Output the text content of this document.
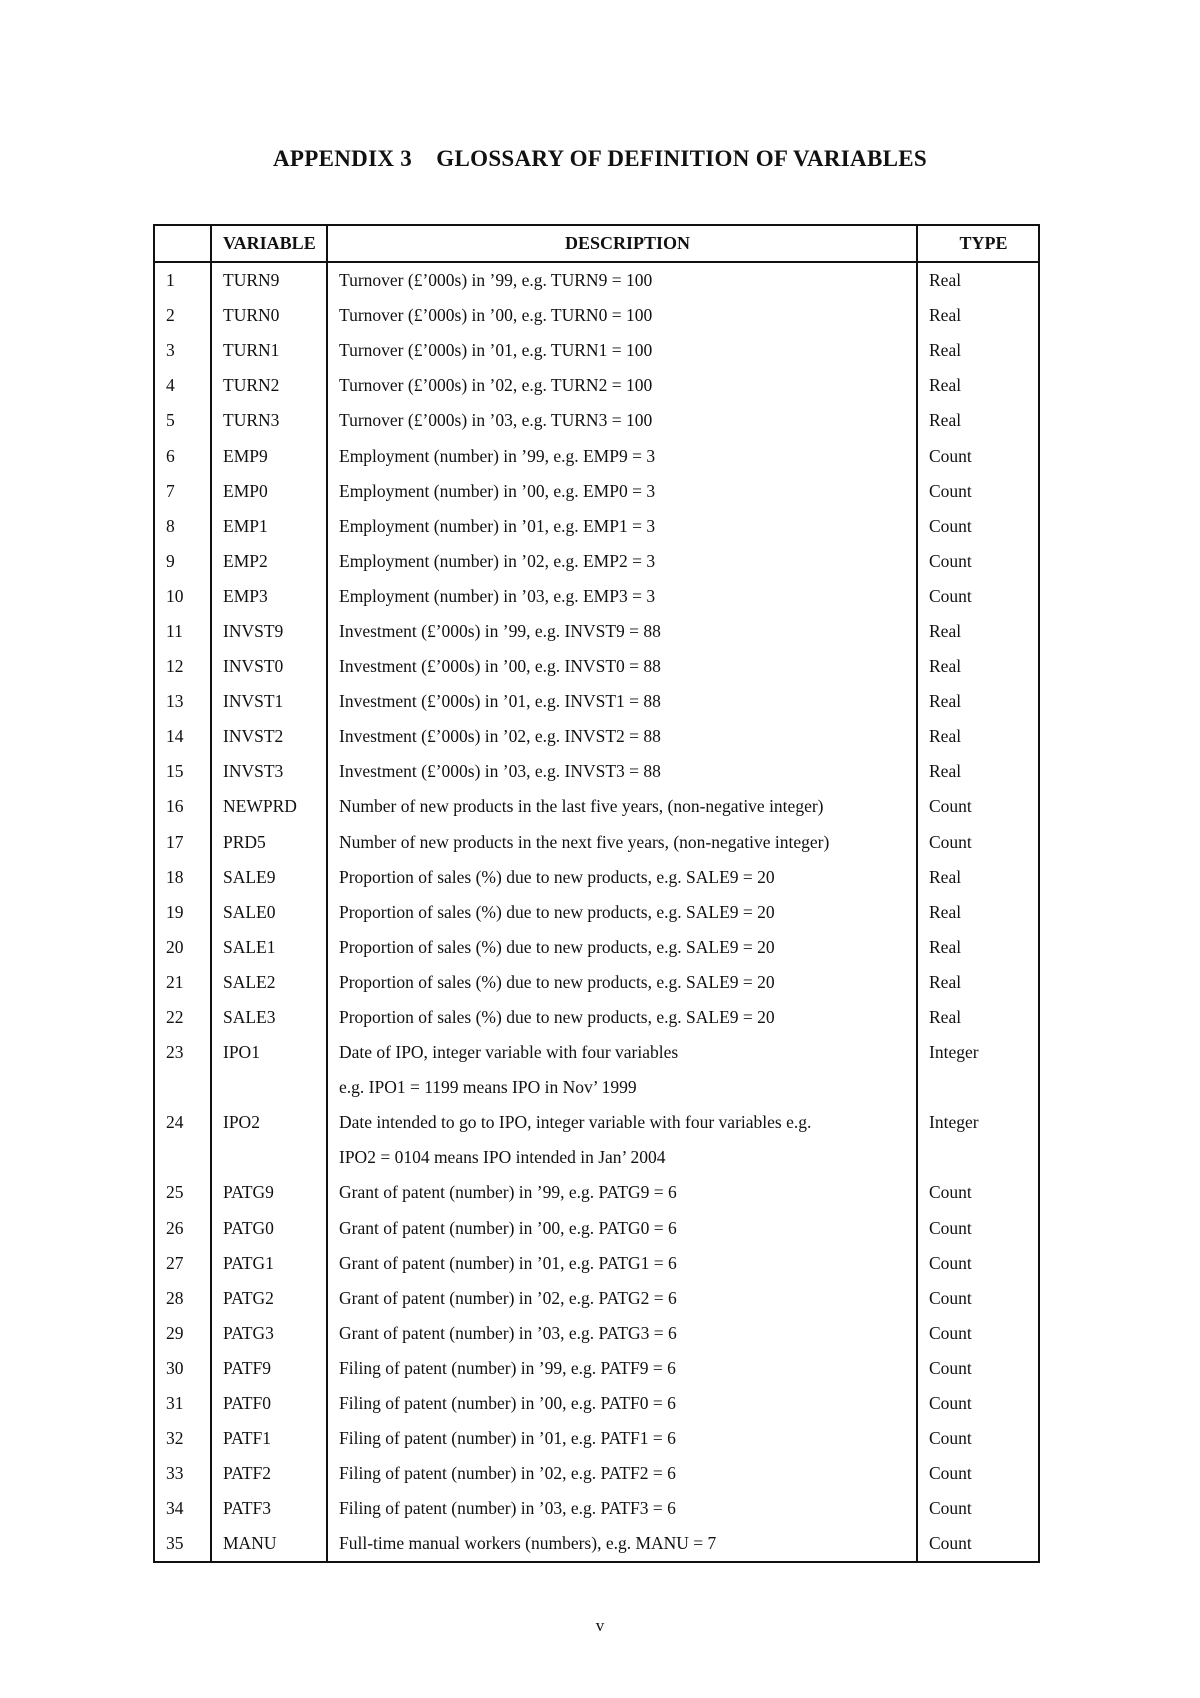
APPENDIX 3    GLOSSARY OF DEFINITION OF VARIABLES
	VARIABLE	DESCRIPTION	TYPE
1	TURN9	Turnover (£’000s) in ’99, e.g. TURN9 = 100	Real
2	TURN0	Turnover (£’000s) in ’00, e.g. TURN0 = 100	Real
3	TURN1	Turnover (£’000s) in ’01, e.g. TURN1 = 100	Real
4	TURN2	Turnover (£’000s) in ’02, e.g. TURN2 = 100	Real
5	TURN3	Turnover (£’000s) in ’03, e.g. TURN3 = 100	Real
6	EMP9	Employment (number) in ’99, e.g. EMP9 = 3	Count
7	EMP0	Employment (number) in ’00, e.g. EMP0 = 3	Count
8	EMP1	Employment (number) in ’01, e.g. EMP1 = 3	Count
9	EMP2	Employment (number) in ’02, e.g. EMP2 = 3	Count
10	EMP3	Employment (number) in ’03, e.g. EMP3 = 3	Count
11	INVST9	Investment (£’000s) in ’99, e.g. INVST9 = 88	Real
12	INVST0	Investment (£’000s) in ’00, e.g. INVST0 = 88	Real
13	INVST1	Investment (£’000s) in ’01, e.g. INVST1 = 88	Real
14	INVST2	Investment (£’000s) in ’02, e.g. INVST2 = 88	Real
15	INVST3	Investment (£’000s) in ’03, e.g. INVST3 = 88	Real
16	NEWPRD	Number of new products in the last five years, (non-negative integer)	Count
17	PRD5	Number of new products in the next five years, (non-negative integer)	Count
18	SALE9	Proportion of sales (%) due to new products, e.g. SALE9 = 20	Real
19	SALE0	Proportion of sales (%) due to new products, e.g. SALE9 = 20	Real
20	SALE1	Proportion of sales (%) due to new products, e.g. SALE9 = 20	Real
21	SALE2	Proportion of sales (%) due to new products, e.g. SALE9 = 20	Real
22	SALE3	Proportion of sales (%) due to new products, e.g. SALE9 = 20	Real
23	IPO1	Date of IPO, integer variable with four variables	Integer
		e.g. IPO1 = 1199 means IPO in Nov’ 1999	
24	IPO2	Date intended to go to IPO, integer variable with four variables e.g.	Integer
		IPO2 = 0104 means IPO intended in Jan’ 2004	
25	PATG9	Grant of patent (number) in ’99, e.g. PATG9 = 6	Count
26	PATG0	Grant of patent (number) in ’00, e.g. PATG0 = 6	Count
27	PATG1	Grant of patent (number) in ’01, e.g. PATG1 = 6	Count
28	PATG2	Grant of patent (number) in ’02, e.g. PATG2 = 6	Count
29	PATG3	Grant of patent (number) in ’03, e.g. PATG3 = 6	Count
30	PATF9	Filing of patent (number) in ’99, e.g. PATF9 = 6	Count
31	PATF0	Filing of patent (number) in ’00, e.g. PATF0 = 6	Count
32	PATF1	Filing of patent (number) in ’01, e.g. PATF1 = 6	Count
33	PATF2	Filing of patent (number) in ’02, e.g. PATF2 = 6	Count
34	PATF3	Filing of patent (number) in ’03, e.g. PATF3 = 6	Count
35	MANU	Full-time manual workers (numbers), e.g. MANU = 7	Count
v
